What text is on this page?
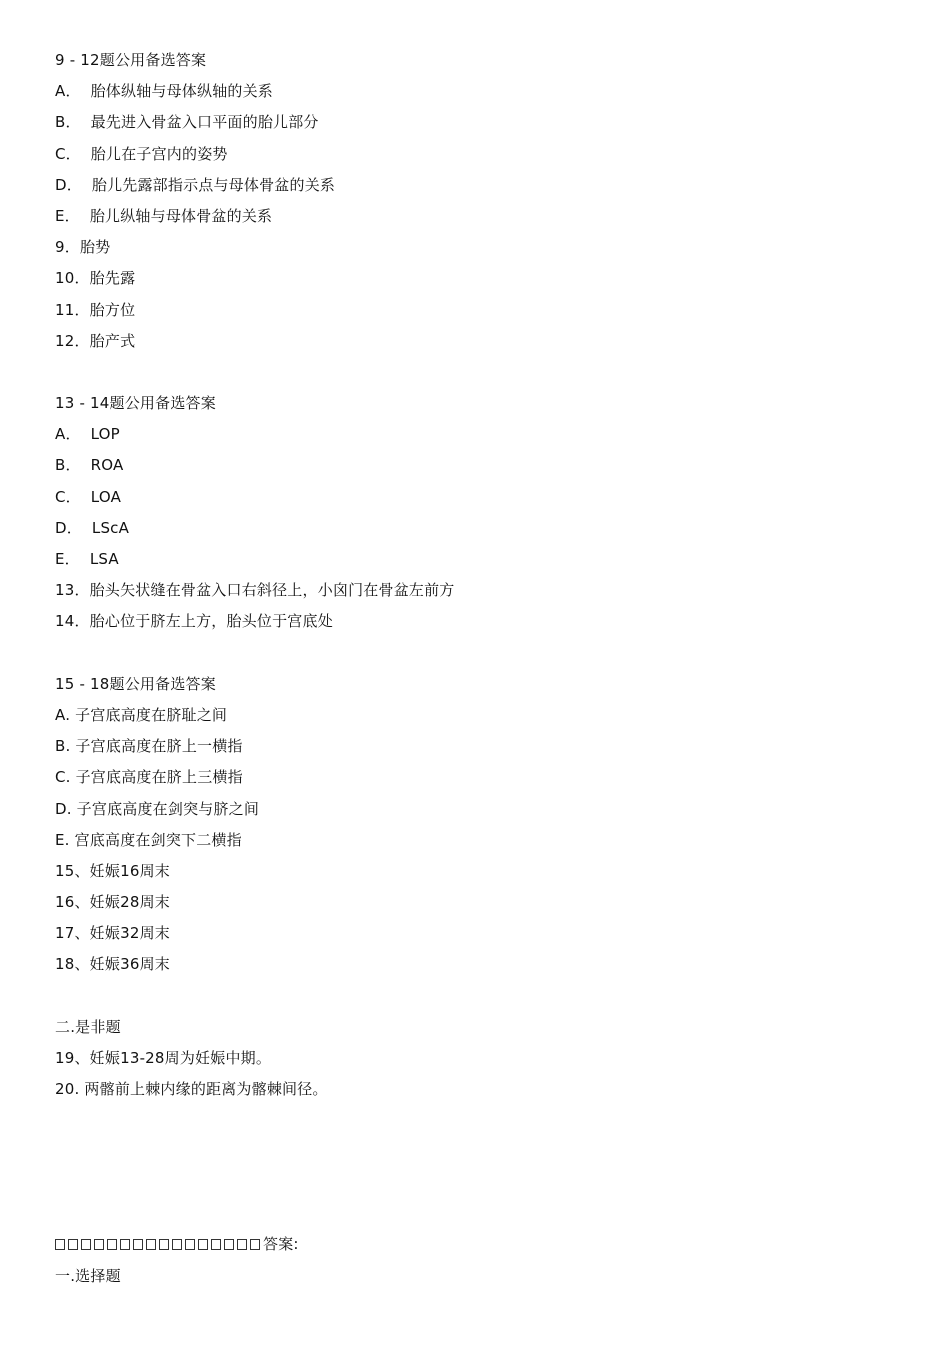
9 - 12题公用备选答案
A．  胎体纵轴与母体纵轴的关系
B．  最先进入骨盆入口平面的胎儿部分
C．  胎儿在子宫内的姿势
D．  胎儿先露部指示点与母体骨盆的关系
E．  胎儿纵轴与母体骨盆的关系
9．胎势
10．胎先露
11．胎方位
12．胎产式
13 - 14题公用备选答案
A．  LOP
B．  ROA
C．  LOA
D．  LScA
E．  LSA
13．胎头矢状缝在骨盆入口右斜径上，小囟门在骨盆左前方
14．胎心位于脐左上方，胎头位于宫底处
15 - 18题公用备选答案
A. 子宫底高度在脐耻之间
B. 子宫底高度在脐上一横指
C. 子宫底高度在脐上三横指
D. 子宫底高度在剑突与脐之间
E. 宫底高度在剑突下二横指
15、妊娠16周末
16、妊娠28周末
17、妊娠32周末
18、妊娠36周末
二.是非题
19、妊娠13-28周为妊娠中期。
20. 两髂前上棘内缘的距离为髂棘间径。
答案:
一.选择题
